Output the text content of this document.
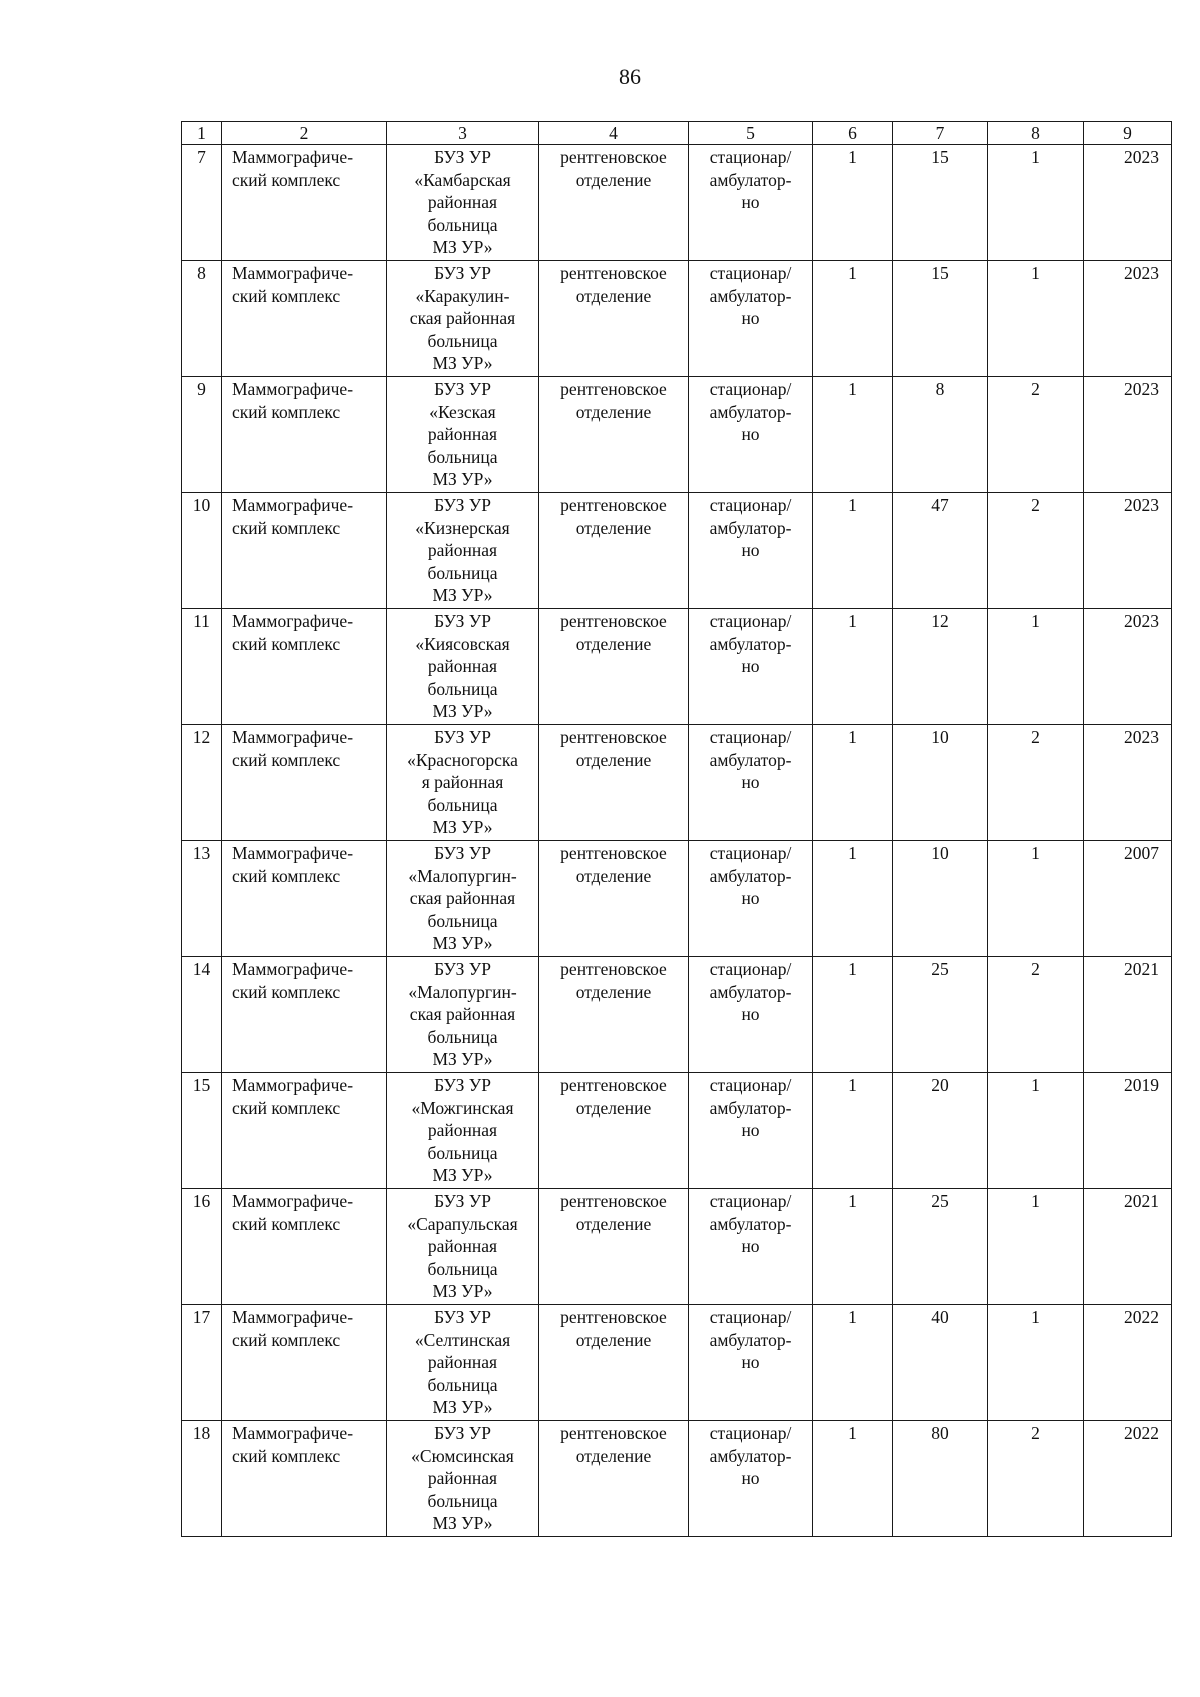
86
1	2	3	4	5	6	7	8	9

7	Маммографиче-
ский комплекс	БУЗ УР
«Камбарская
районная
больница
МЗ УР»	рентгеновское
отделение	стационар/
амбулатор-
но	1	15	1	2023

8	Маммографиче-
ский комплекс	БУЗ УР
«Каракулин-
ская районная
больница
МЗ УР»	рентгеновское
отделение	стационар/
амбулатор-
но	1	15	1	2023

9	Маммографиче-
ский комплекс	БУЗ УР
«Кезская
районная
больница
МЗ УР»	рентгеновское
отделение	стационар/
амбулатор-
но	1	8	2	2023

10	Маммографиче-
ский комплекс	БУЗ УР
«Кизнерская
районная
больница
МЗ УР»	рентгеновское
отделение	стационар/
амбулатор-
но	1	47	2	2023

11	Маммографиче-
ский комплекс	БУЗ УР
«Киясовская
районная
больница
МЗ УР»	рентгеновское
отделение	стационар/
амбулатор-
но	1	12	1	2023

12	Маммографиче-
ский комплекс	БУЗ УР
«Красногорска
я районная
больница
МЗ УР»	рентгеновское
отделение	стационар/
амбулатор-
но	1	10	2	2023

13	Маммографиче-
ский комплекс	БУЗ УР
«Малопургин-
ская районная
больница
МЗ УР»	рентгеновское
отделение	стационар/
амбулатор-
но	1	10	1	2007

14	Маммографиче-
ский комплекс	БУЗ УР
«Малопургин-
ская районная
больница
МЗ УР»	рентгеновское
отделение	стационар/
амбулатор-
но	1	25	2	2021

15	Маммографиче-
ский комплекс	БУЗ УР
«Можгинская
районная
больница
МЗ УР»	рентгеновское
отделение	стационар/
амбулатор-
но	1	20	1	2019

16	Маммографиче-
ский комплекс	БУЗ УР
«Сарапульская
районная
больница
МЗ УР»	рентгеновское
отделение	стационар/
амбулатор-
но	1	25	1	2021

17	Маммографиче-
ский комплекс	БУЗ УР
«Селтинская
районная
больница
МЗ УР»	рентгеновское
отделение	стационар/
амбулатор-
но	1	40	1	2022

18	Маммографиче-
ский комплекс	БУЗ УР
«Сюмсинская
районная
больница
МЗ УР»	рентгеновское
отделение	стационар/
амбулатор-
но	1	80	2	2022
